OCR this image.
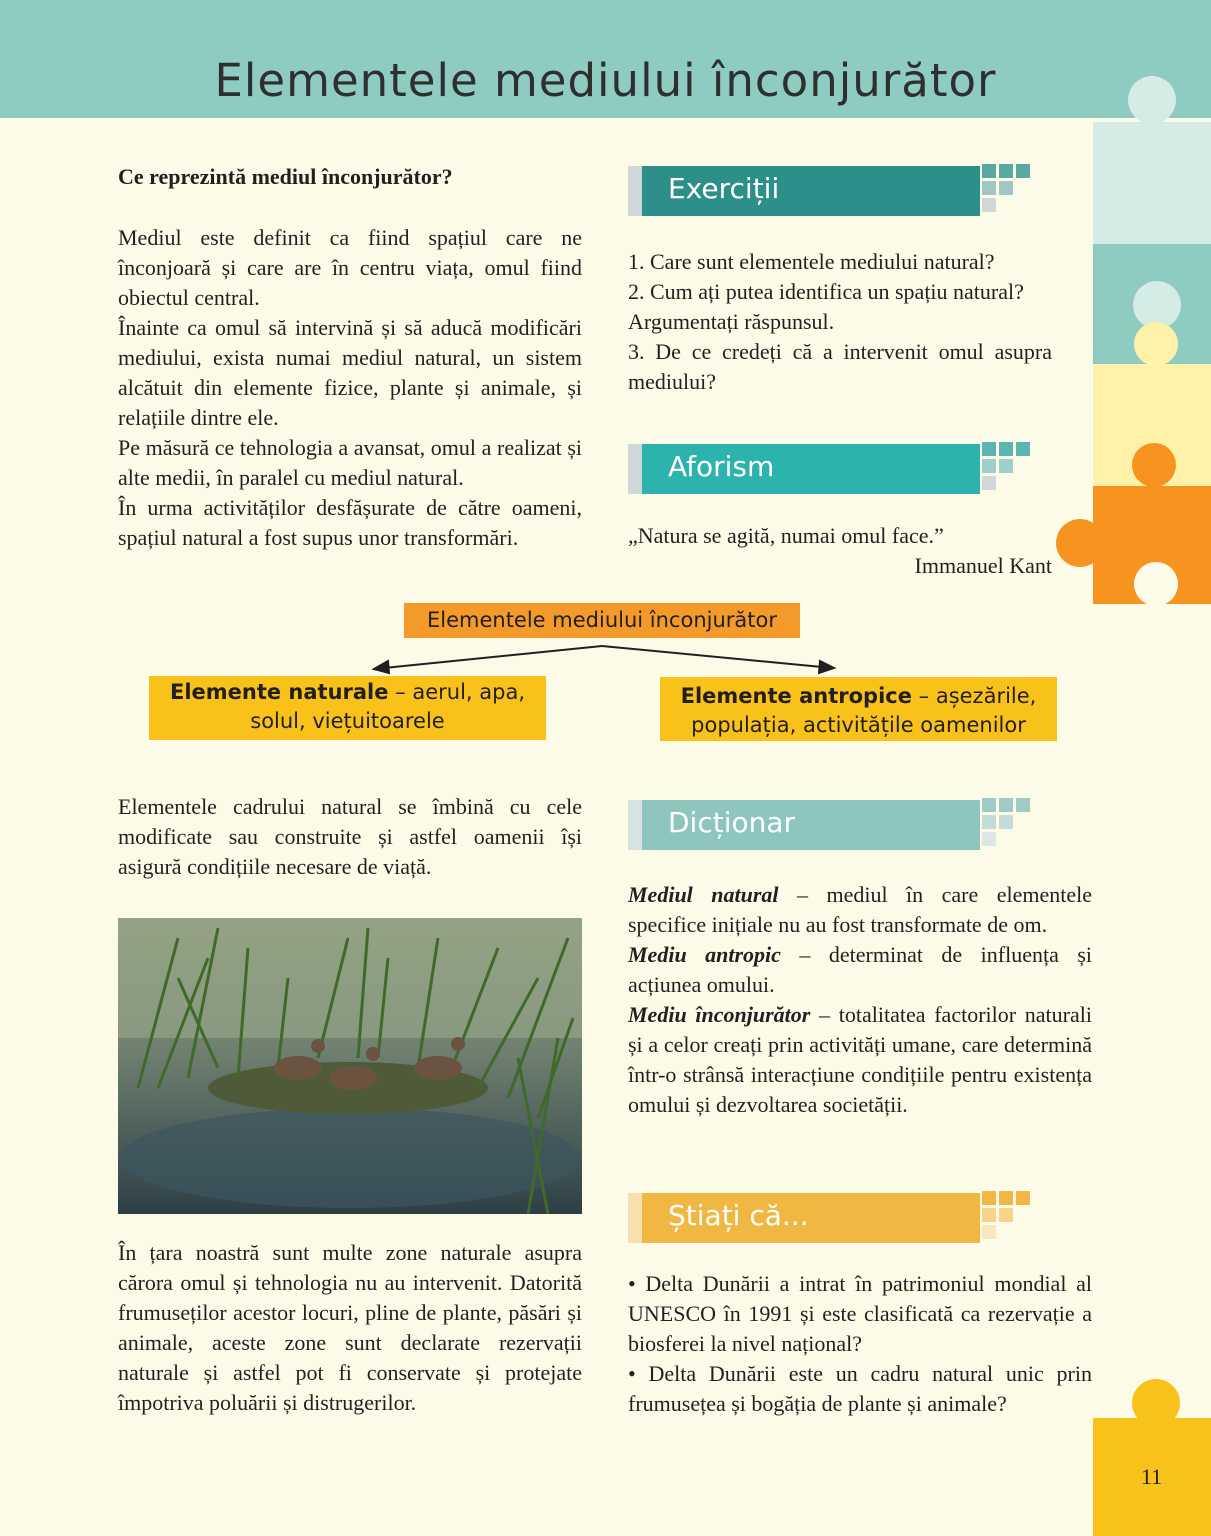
Elementele mediului înconjurător
Ce reprezintă mediul înconjurător?

Mediul este definit ca fiind spațiul care ne înconjoară și care are în centru viața, omul fiind obiectul central.

Înainte ca omul să intervină și să aducă modificări mediului, exista numai mediul natural, un sistem alcătuit din elemente fizice, plante și animale, și relațiile dintre ele.

Pe măsură ce tehnologia a avansat, omul a realizat și alte medii, în paralel cu mediul natural.

În urma activităților desfășurate de către oameni, spațiul natural a fost supus unor transformări.

Exerciții

1. Care sunt elementele mediului natural?

2. Cum ați putea identifica un spațiu natural?

Argumentați răspunsul.

3. De ce credeți că a intervenit omul asupra mediului?

Aforism
„Natura se agită, numai omul face.”
Immanuel Kant
Elementele mediului înconjurător
Elemente naturale – aerul, apa, solul, viețuitoarele
Elemente antropice – așezările, populația, activitățile oamenilor
Elementele cadrului natural se îmbină cu cele modificate sau construite și astfel oamenii își asigură condițiile necesare de viață.
În țara noastră sunt multe zone naturale asupra cărora omul și tehnologia nu au intervenit. Datorită frumuseților acestor locuri, pline de plante, păsări și animale, aceste zone sunt declarate rezervații naturale și astfel pot fi conservate și protejate împotriva poluării și distrugerilor.
Dicționar

Mediul natural – mediul în care elementele specifice inițiale nu au fost transformate de om.

Mediu antropic – determinat de influența și acțiunea omului.

Mediu înconjurător – totalitatea factorilor naturali și a celor creați prin activități umane, care determină într-o strânsă interacțiune condițiile pentru existența omului și dezvoltarea societății.

Știați că...

• Delta Dunării a intrat în patrimoniul mondial al UNESCO în 1991 și este clasificată ca rezervație a biosferei la nivel național?

• Delta Dunării este un cadru natural unic prin frumusețea și bogăția de plante și animale?

11
